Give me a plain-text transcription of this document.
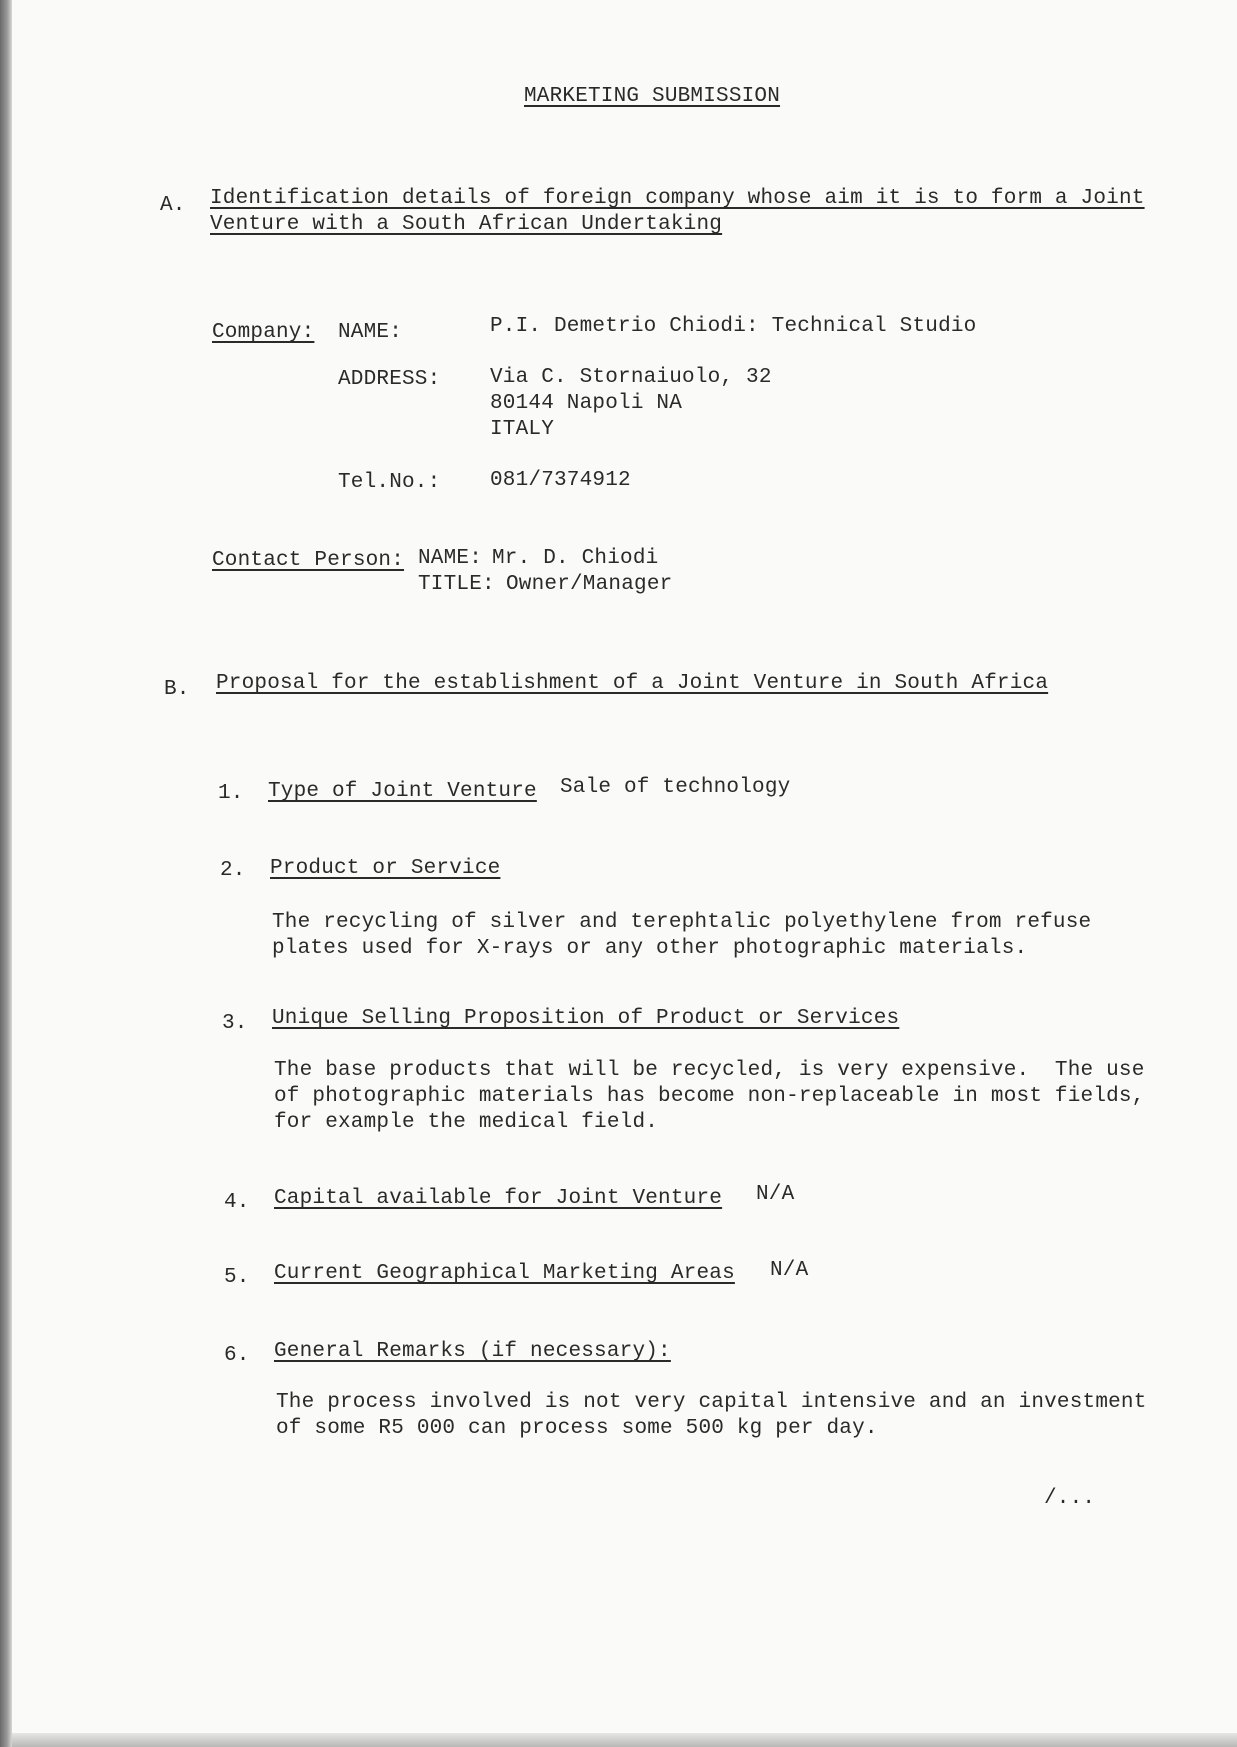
MARKETING SUBMISSION
A. Identification details of foreign company whose aim it is to form a Joint
Venture with a South African Undertaking
Company: NAME:	P.I. Demetrio Chiodi: Technical Studio
ADDRESS: Via C. Stornaiuolo, 32
80144 Napoli NA
ITALY
Tel.No.: 081/7374912
Contact Person: NAME: Mr. D. Chiodi
TITLE: Owner/Manager
B. Proposal for the establishment of a Joint Venture in South Africa
1. Type of Joint Venture Sale of technology
2. Product or Service
The recycling of silver and terephtalic polyethylene from refuse
plates used for X-rays or any other photographic materials.
3. Unique Selling Proposition of Product or Services
The base products that will be recycled, is very expensive.  The use
of photographic materials has become non-replaceable in most fields,
for example the medical field.
4. Capital available for Joint Venture N/A
5. Current Geographical Marketing Areas N/A
6. General Remarks (if necessary):
The process involved is not very capital intensive and an investment
of some R5 000 can process some 500 kg per day.
/...
